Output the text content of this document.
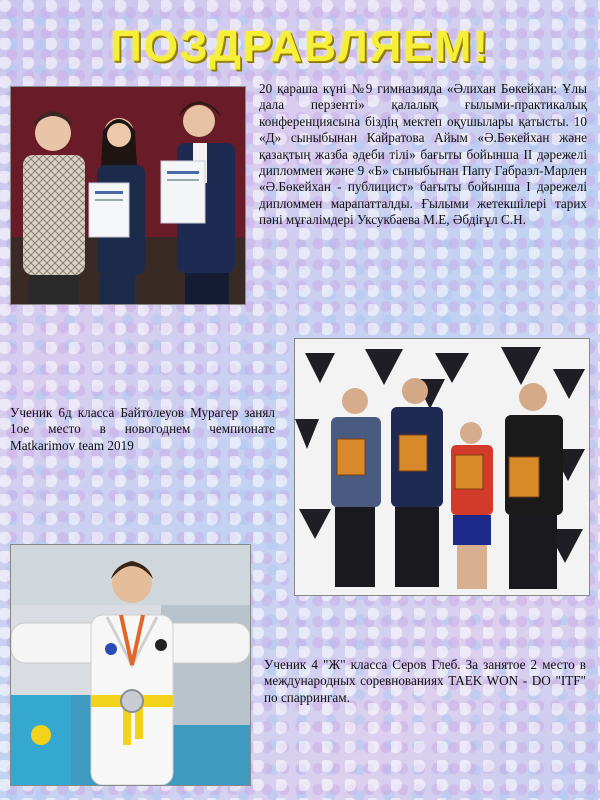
ПОЗДРАВЛЯЕМ!
20 қараша күні №9 гимназияда «Әлихан Бөкейхан: Ұлы дала перзенті» қалалық ғылыми-практикалық конференциясына біздің мектеп оқушылары қатысты. 10 «Д» сыныбынан Кайратова Айым «Ә.Бөкейхан және қазақтың жазба әдеби тілі» бағыты бойынша ІІ дәрежелі дипломмен және 9 «Б» сыныбынан Папу Габраэл-Марлен «Ә.Бөкейхан - публицист» бағыты бойынша І дәрежелі дипломмен марапатталды. Ғылыми жетекшілері тарих пәні мұғалімдері Уксукбаева М.Е, Әбдіғұл С.Н.
Ученик 6д класса Байтолеуов Мурагер занял 1ое место в новогоднем чемпионате Matkarimov team 2019
Ученик 4 "Ж" класса Серов Глеб. За занятое 2 место в международных соревнованиях TAEK WON - DO "ITF" по спаррингам.
